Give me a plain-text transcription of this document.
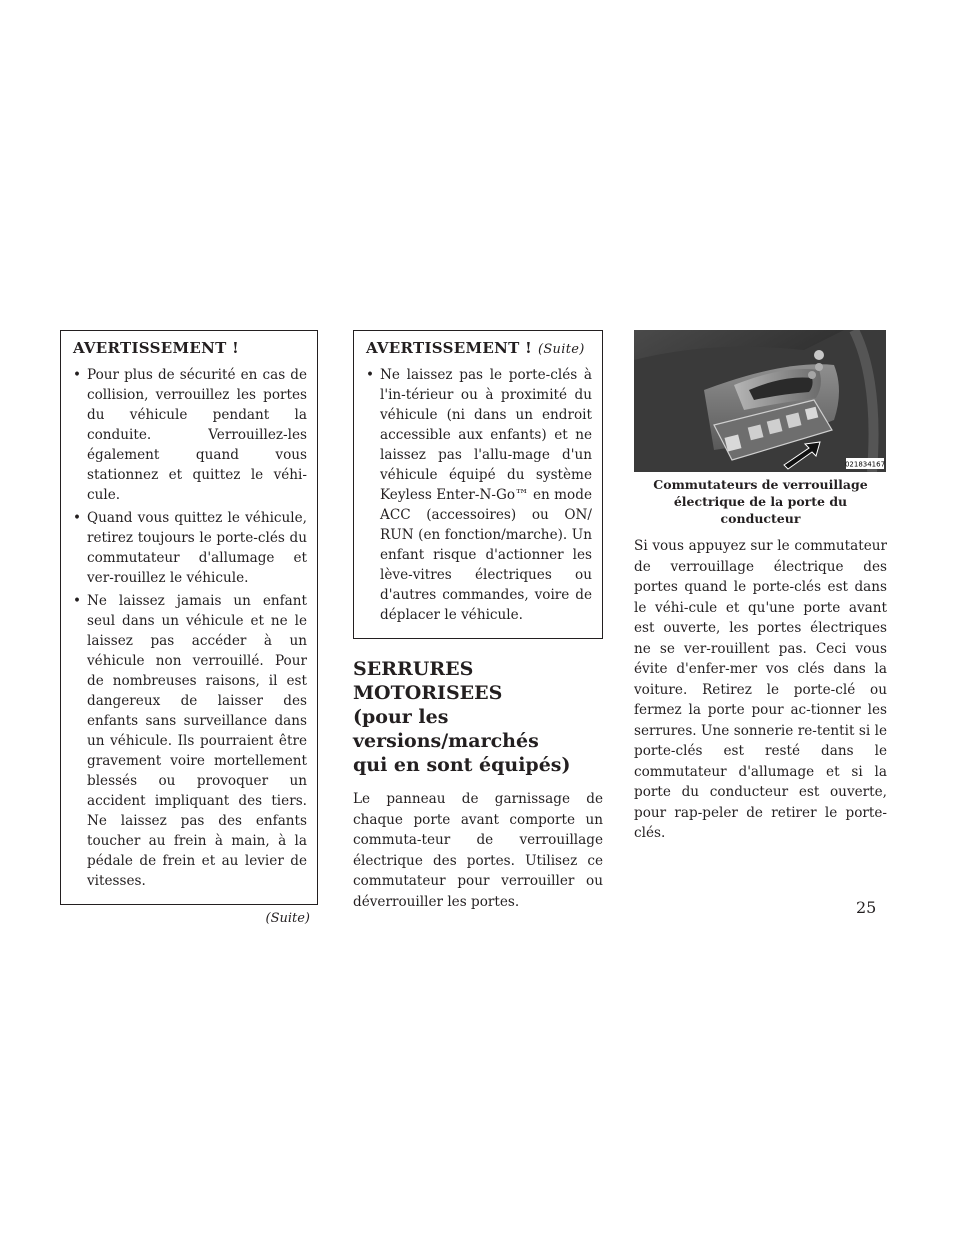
AVERTISSEMENT !
• Pour plus de sécurité en cas de collision, verrouillez les portes du véhicule pendant la conduite. Verrouillez-les également quand vous stationnez et quittez le véhi-cule.
• Quand vous quittez le véhicule, retirez toujours le porte-clés du commutateur d'allumage et ver-rouillez le véhicule.
• Ne laissez jamais un enfant seul dans un véhicule et ne le laissez pas accéder à un véhicule non verrouillé. Pour de nombreuses raisons, il est dangereux de laisser des enfants sans surveillance dans un véhicule. Ils pourraient être gravement voire mortellement blessés ou provoquer un accident impliquant des tiers. Ne laissez pas des enfants toucher au frein à main, à la pédale de frein et au levier de vitesses.
(Suite)
AVERTISSEMENT ! (Suite)
• Ne laissez pas le porte-clés à l'in-térieur ou à proximité du véhicule (ni dans un endroit accessible aux enfants) et ne laissez pas l'allu-mage d'un véhicule équipé du système Keyless Enter-N-Go™ en mode ACC (accessoires) ou ON/ RUN (en fonction/marche). Un enfant risque d'actionner les lève-vitres électriques ou d'autres commandes, voire de déplacer le véhicule.
SERRURES MOTORISEES
(pour les versions/marchés
qui en sont équipés)

Le panneau de garnissage de chaque porte avant comporte un commuta-teur de verrouillage électrique des portes. Utilisez ce commutateur pour verrouiller ou déverrouiller les portes.

021834167
Commutateurs de verrouillage
électrique de la porte du conducteur

Si vous appuyez sur le commutateur de verrouillage électrique des portes quand le porte-clés est dans le véhi-cule et qu'une porte avant est ouverte, les portes électriques ne se ver-rouillent pas. Ceci vous évite d'enfer-mer vos clés dans la voiture. Retirez le porte-clé ou fermez la porte pour ac-tionner les serrures. Une sonnerie re-tentit si le porte-clés est resté dans le commutateur d'allumage et si la porte du conducteur est ouverte, pour rap-peler de retirer le porte-clés.

25
